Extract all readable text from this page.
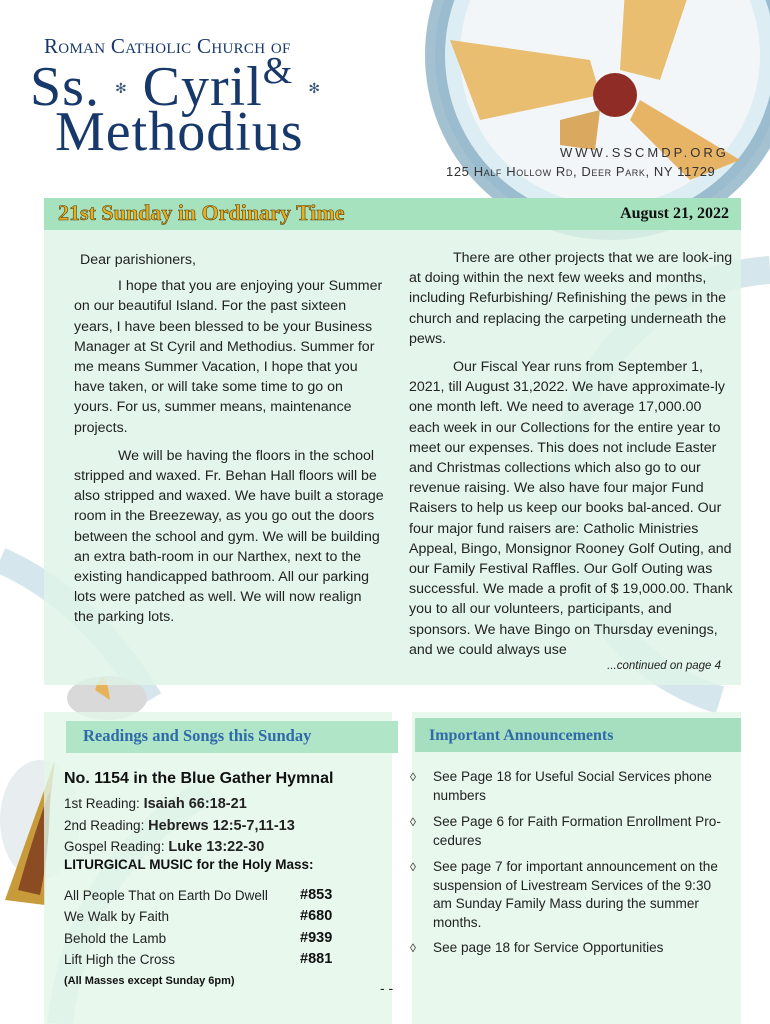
Roman Catholic Church of
Ss. ✻ Cyril& ✻
Methodius	WWW.SSCMDP.ORG
125 Half Hollow Rd, Deer Park, NY 11729
21st Sunday in Ordinary Time	August 21, 2022

Dear parishioners,

I hope that you are enjoying your Summer on our beautiful Island. For the past sixteen years, I have been blessed to be your Business Manager at St Cyril and Methodius. Summer for me means Summer Vacation, I hope that you have taken, or will take some time to go on yours. For us, summer means, maintenance projects.

We will be having the floors in the school stripped and waxed. Fr. Behan Hall floors will be also stripped and waxed. We have built a storage room in the Breezeway, as you go out the doors between the school and gym. We will be building an extra bath-room in our Narthex, next to the existing handicapped bathroom. All our parking lots were patched as well. We will now realign the parking lots.

There are other projects that we are look-ing at doing within the next few weeks and months, including Refurbishing/ Refinishing the pews in the church and replacing the carpeting underneath the pews.

Our Fiscal Year runs from September 1, 2021, till August 31,2022. We have approximate-ly one month left. We need to average 17,000.00 each week in our Collections for the entire year to meet our expenses. This does not include Easter and Christmas collections which also go to our revenue raising. We also have four major Fund Raisers to help us keep our books bal-anced. Our four major fund raisers are: Catholic Ministries Appeal, Bingo, Monsignor Rooney Golf Outing, and our Family Festival Raffles. Our Golf Outing was successful. We made a profit of $ 19,000.00. Thank you to all our volunteers, participants, and sponsors. We have Bingo on Thursday evenings, and we could always use

...continued on page 4
Readings and Songs this Sunday	Important Announcements
No. 1154 in the Blue Gather Hymnal
1st Reading: Isaiah 66:18-21
2nd Reading: Hebrews 12:5-7,11-13
Gospel Reading: Luke 13:22-30
LITURGICAL MUSIC for the Holy Mass:
All People That on Earth Do Dwell #853
We Walk by Faith	#680
Behold the Lamb	#939
Lift High the Cross	#881
(All Masses except Sunday 6pm)	- -
◊ See Page 18 for Useful Social Services phone numbers
◊ See Page 6 for Faith Formation Enrollment Pro-cedures
◊ See page 7 for important announcement on the suspension of Livestream Services of the 9:30 am Sunday Family Mass during the summer months.
◊ See page 18 for Service Opportunities
